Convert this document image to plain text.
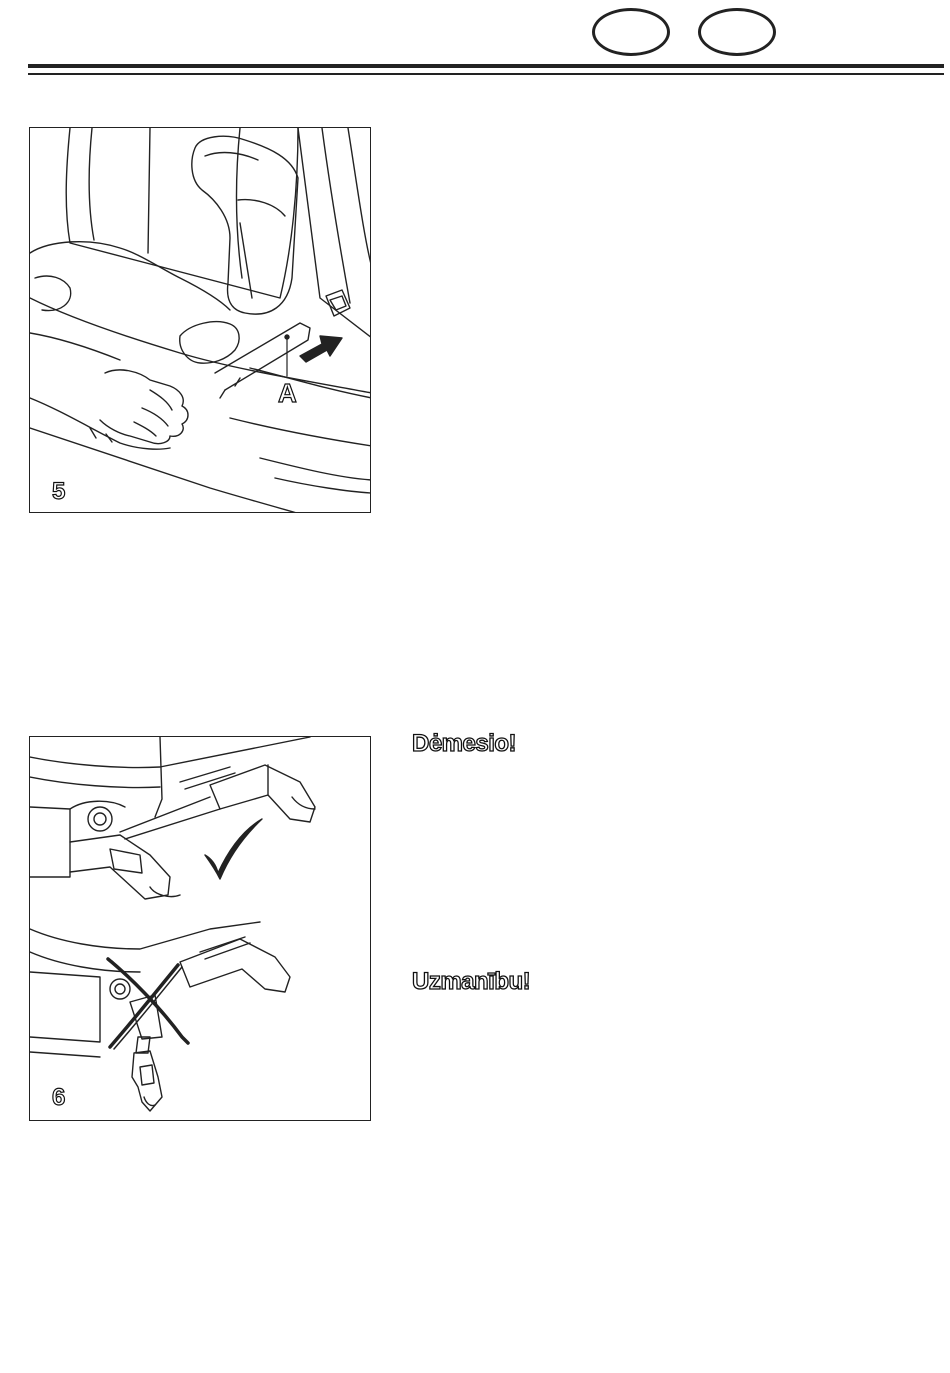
A
5
6
Dėmesio!
Uzmanību!
